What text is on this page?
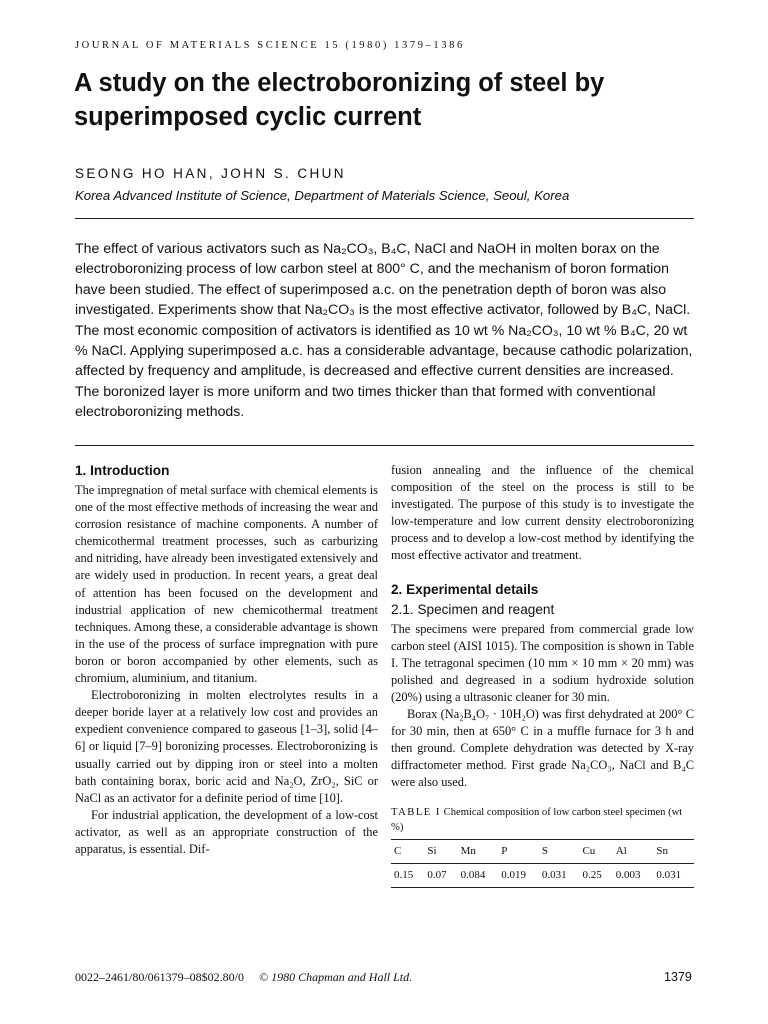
JOURNAL OF MATERIALS SCIENCE 15 (1980) 1379–1386
A study on the electroboronizing of steel by superimposed cyclic current
SEONG HO HAN, JOHN S. CHUN
Korea Advanced Institute of Science, Department of Materials Science, Seoul, Korea

The effect of various activators such as Na₂CO₃, B₄C, NaCl and NaOH in molten borax on the electroboronizing process of low carbon steel at 800° C, and the mechanism of boron formation have been studied. The effect of superimposed a.c. on the penetration depth of boron was also investigated. Experiments show that Na₂CO₃ is the most effective activator, followed by B₄C, NaCl. The most economic composition of activators is identified as 10 wt % Na₂CO₃, 10 wt % B₄C, 20 wt % NaCl. Applying superimposed a.c. has a considerable advantage, because cathodic polarization, affected by frequency and amplitude, is decreased and effective current densities are increased. The boronized layer is more uniform and two times thicker than that formed with conventional electroboronizing methods.

1. Introduction

The impregnation of metal surface with chemical elements is one of the most effective methods of increasing the wear and corrosion resistance of machine components. A number of chemicothermal treatment processes, such as carburizing and nitriding, have already been investigated extensively and are widely used in production. In recent years, a great deal of attention has been focused on the development and industrial application of new chemicothermal treatment techniques. Among these, a considerable advantage is shown in the use of the process of surface impregnation with pure boron or boron accompanied by other elements, such as chromium, aluminium, and titanium.

Electroboronizing in molten electrolytes results in a deeper boride layer at a relatively low cost and provides an expedient convenience compared to gaseous [1–3], solid [4–6] or liquid [7–9] boronizing processes. Electroboronizing is usually carried out by dipping iron or steel into a molten bath containing borax, boric acid and Na₂O, ZrO₂, SiC or NaCl as an activator for a definite period of time [10].

For industrial application, the development of a low-cost activator, as well as an appropriate construction of the apparatus, is essential. Dif-

fusion annealing and the influence of the chemical composition of the steel on the process is still to be investigated. The purpose of this study is to investigate the low-temperature and low current density electroboronizing process and to develop a low-cost method by identifying the most effective activator and treatment.

2. Experimental details
2.1. Specimen and reagent

The specimens were prepared from commercial grade low carbon steel (AISI 1015). The composition is shown in Table I. The tetragonal specimen (10 mm × 10 mm × 20 mm) was polished and degreased in a sodium hydroxide solution (20%) using a ultrasonic cleaner for 30 min.

Borax (Na₂B₄O₇ · 10H₂O) was first dehydrated at 200° C for 30 min, then at 650° C in a muffle furnace for 3 h and then ground. Complete dehydration was detected by X-ray diffractometer method. First grade Na₂CO₃, NaCl and B₄C were also used.

TABLE I Chemical composition of low carbon steel specimen (wt %)
C	Si	Mn	P	S	Cu	Al	Sn
0.15	0.07	0.084	0.019	0.031	0.25	0.003	0.031
0022–2461/80/061379–08$02.80/0 © 1980 Chapman and Hall Ltd.	1379
